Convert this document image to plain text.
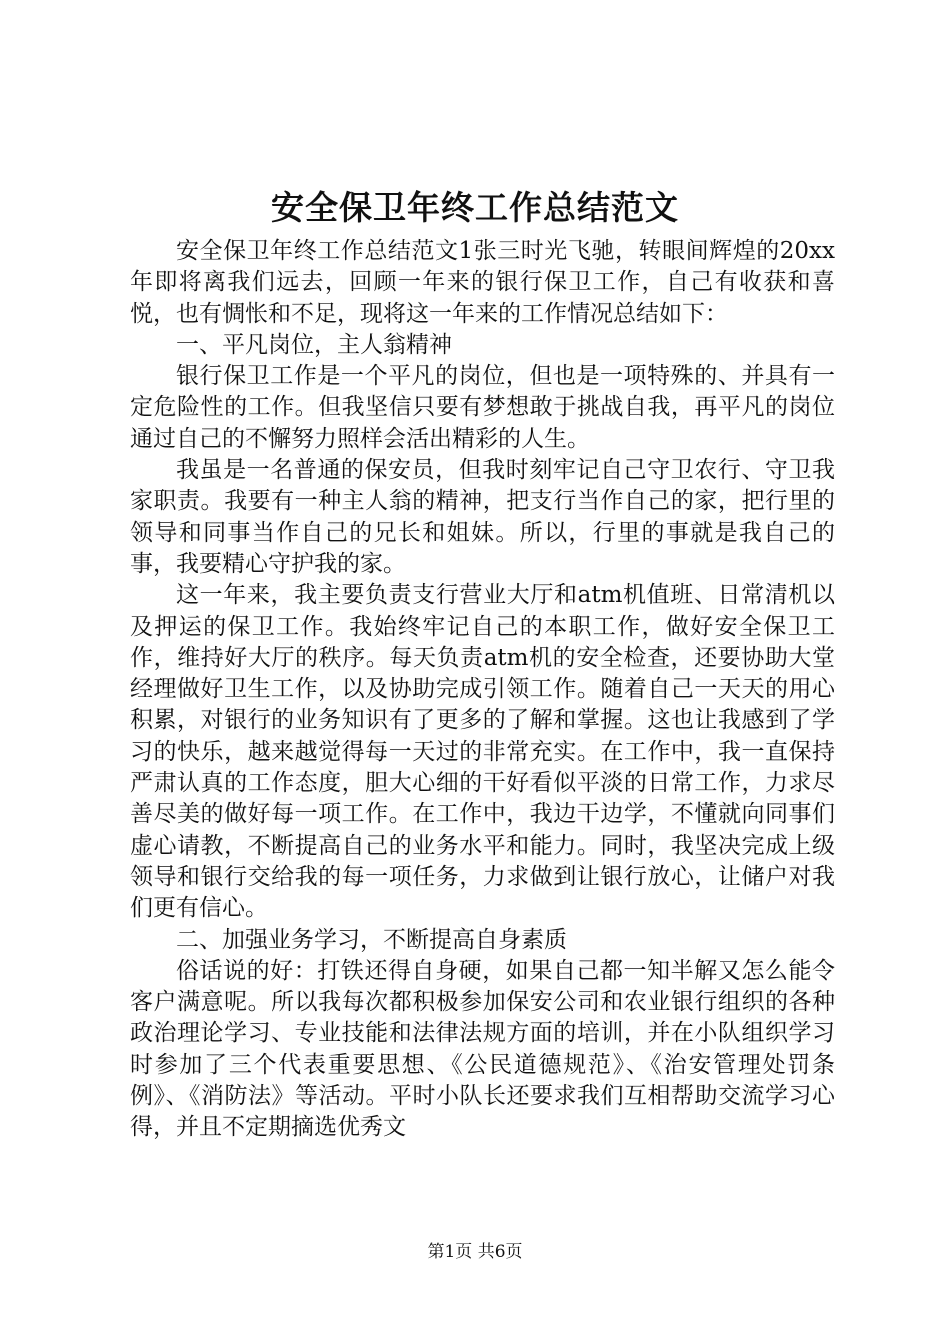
安全保卫年终工作总结范文

安全保卫年终工作总结范文1张三时光飞驰，转眼间辉煌的20xx年即将离我们远去，回顾一年来的银行保卫工作，自己有收获和喜悦，也有惆怅和不足，现将这一年来的工作情况总结如下：

一、平凡岗位，主人翁精神

银行保卫工作是一个平凡的岗位，但也是一项特殊的、并具有一定危险性的工作。但我坚信只要有梦想敢于挑战自我，再平凡的岗位通过自己的不懈努力照样会活出精彩的人生。

我虽是一名普通的保安员，但我时刻牢记自己守卫农行、守卫我家职责。我要有一种主人翁的精神，把支行当作自己的家，把行里的领导和同事当作自己的兄长和姐妹。所以，行里的事就是我自己的事，我要精心守护我的家。

这一年来，我主要负责支行营业大厅和atm机值班、日常清机以及押运的保卫工作。我始终牢记自己的本职工作，做好安全保卫工作，维持好大厅的秩序。每天负责atm机的安全检查，还要协助大堂经理做好卫生工作，以及协助完成引领工作。随着自己一天天的用心积累，对银行的业务知识有了更多的了解和掌握。这也让我感到了学习的快乐，越来越觉得每一天过的非常充实。在工作中，我一直保持严肃认真的工作态度，胆大心细的干好看似平淡的日常工作，力求尽善尽美的做好每一项工作。在工作中，我边干边学，不懂就向同事们虚心请教，不断提高自己的业务水平和能力。同时，我坚决完成上级领导和银行交给我的每一项任务，力求做到让银行放心，让储户对我们更有信心。

二、加强业务学习，不断提高自身素质

俗话说的好：打铁还得自身硬，如果自己都一知半解又怎么能令客户满意呢。所以我每次都积极参加保安公司和农业银行组织的各种政治理论学习、专业技能和法律法规方面的培训，并在小队组织学习时参加了三个代表重要思想、《公民道德规范》、《治安管理处罚条例》、《消防法》等活动。平时小队长还要求我们互相帮助交流学习心得，并且不定期摘选优秀文

第1页 共6页
